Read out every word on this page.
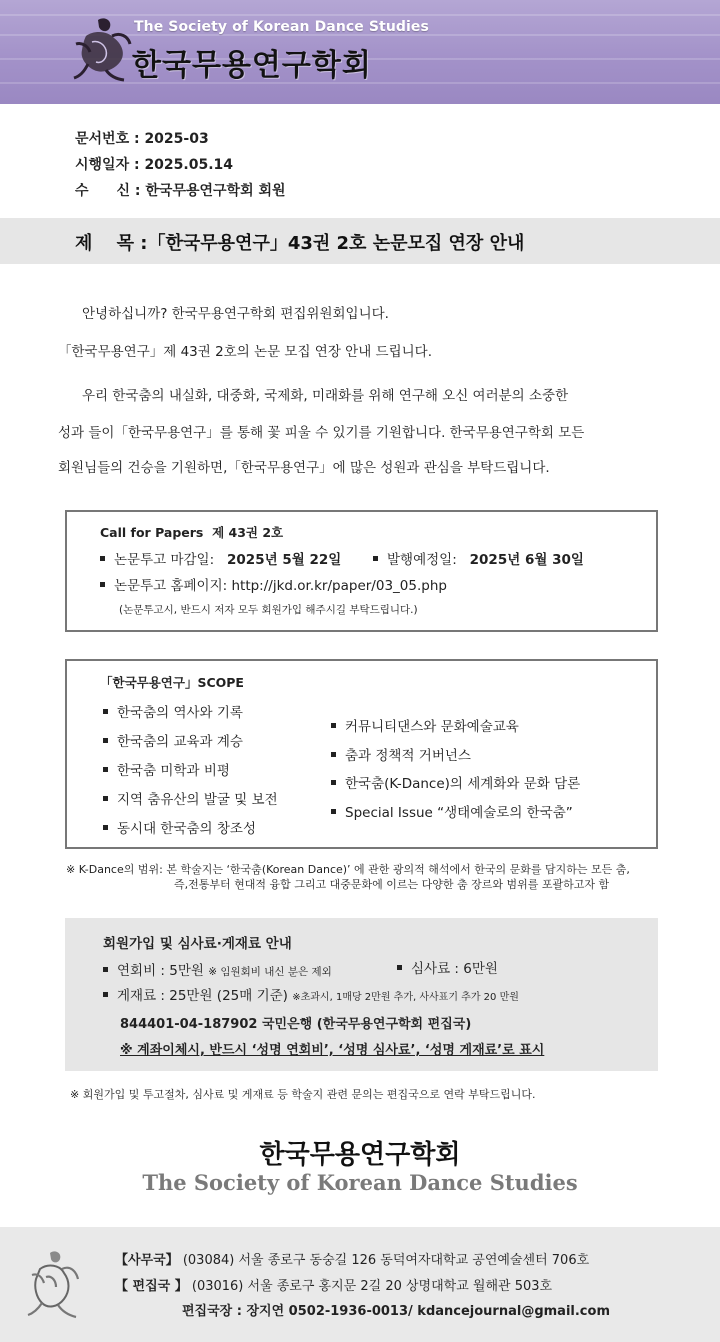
The Society of Korean Dance Studies
한국무용연구학회
문서번호 : 2025-03
시행일자 : 2025.05.14
수　　신 : 한국무용연구학회 회원
제　 목 :「한국무용연구」43권 2호 논문모집 연장 안내
안녕하십니까? 한국무용연구학회 편집위원회입니다.
「한국무용연구」제 43권 2호의 논문 모집 연장 안내 드립니다.
우리 한국춤의 내실화, 대중화, 국제화, 미래화를 위해 연구해 오신 여러분의 소중한
성과 들이「한국무용연구」를 통해 꽃 피울 수 있기를 기원합니다. 한국무용연구학회 모든
회원님들의 건승을 기원하면,「한국무용연구」에 많은 성원과 관심을 부탁드립니다.
Call for Papers 제 43권 2호
논문투고 마감일: 2025년 5월 22일	발행예정일: 2025년 6월 30일
논문투고 홈페이지: http://jkd.or.kr/paper/03_05.php
(논문투고시, 반드시 저자 모두 회원가입 해주시길 부탁드립니다.)
「한국무용연구」SCOPE
한국춤의 역사와 기록
한국춤의 교육과 계승
한국춤 미학과 비평
지역 춤유산의 발굴 및 보전
동시대 한국춤의 창조성
커뮤니티댄스와 문화예술교육
춤과 정책적 거버넌스
한국춤(K-Dance)의 세계화와 문화 담론
Special Issue “생태예술로의 한국춤”
※ K-Dance의 범위: 본 학술지는 ‘한국춤(Korean Dance)’ 에 관한 광의적 해석에서 한국의 문화를 담지하는 모든 춤,
즉,전통부터 현대적 융합 그리고 대중문화에 이르는 다양한 춤 장르와 범위를 포괄하고자 함
회원가입 및 심사료·게재료 안내
연회비 : 5만원 ※ 임원회비 내신 분은 제외	심사료 : 6만원
게재료 : 25만원 (25매 기준) ※초과시, 1매당 2만원 추가, 사사표기 추가 20 만원
844401-04-187902 국민은행 (한국무용연구학회 편집국)
※ 계좌이체시, 반드시 ‘성명 연회비’, ‘성명 심사료’, ‘성명 게재료’로 표시
※ 회원가입 및 투고절차, 심사료 및 게재료 등 학술지 관련 문의는 편집국으로 연락 부탁드립니다.
한국무용연구학회
The Society of Korean Dance Studies
【사무국】 (03084) 서울 종로구 동숭길 126 동덕여자대학교 공연예술센터 706호
【 편집국 】 (03016) 서울 종로구 홍지문 2길 20 상명대학교 월해관 503호
편집국장 : 장지연 0502-1936-0013/ kdancejournal@gmail.com
